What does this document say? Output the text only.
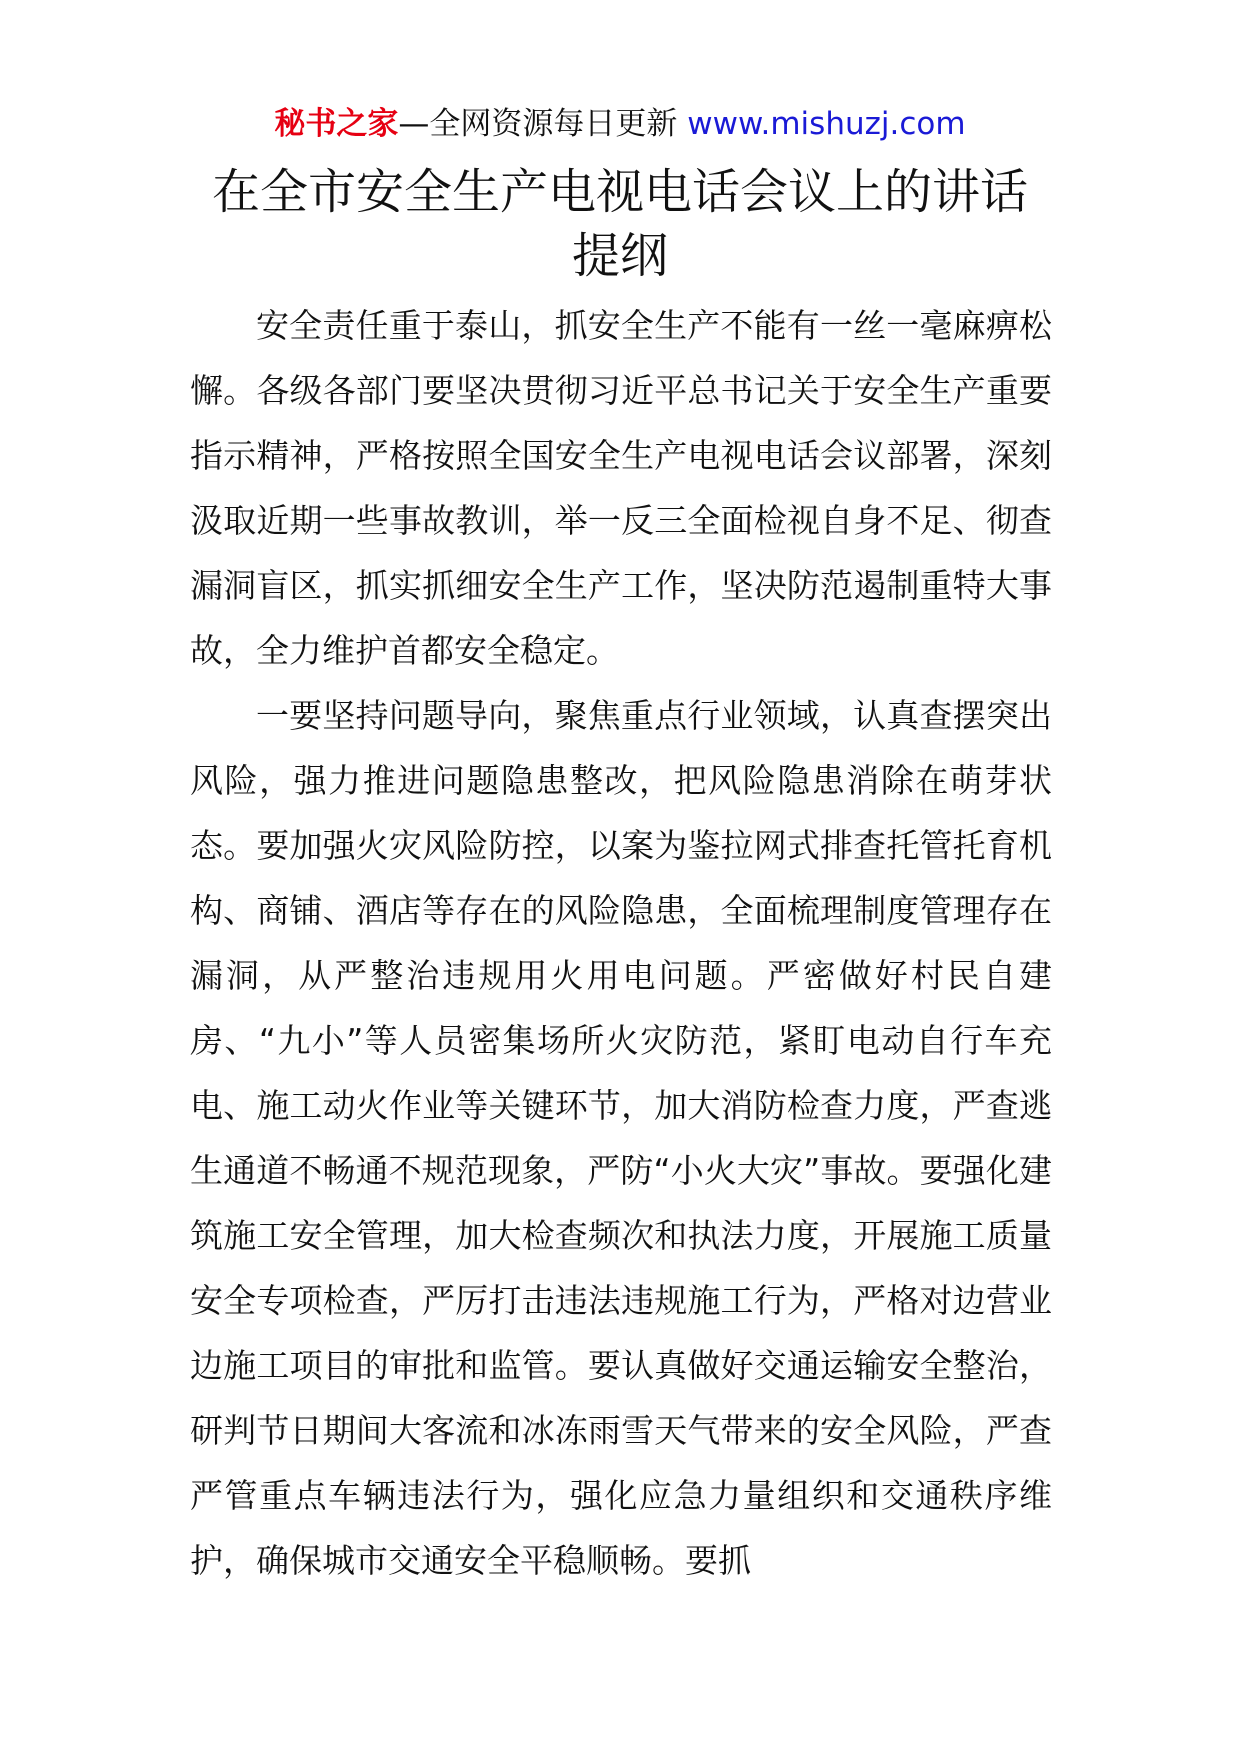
秘书之家—全网资源每日更新 www.mishuzj.com
在全市安全生产电视电话会议上的讲话提纲

安全责任重于泰山，抓安全生产不能有一丝一毫麻痹松懈。各级各部门要坚决贯彻习近平总书记关于安全生产重要指示精神，严格按照全国安全生产电视电话会议部署，深刻汲取近期一些事故教训，举一反三全面检视自身不足、彻查漏洞盲区，抓实抓细安全生产工作，坚决防范遏制重特大事故，全力维护首都安全稳定。

一要坚持问题导向，聚焦重点行业领域，认真查摆突出风险，强力推进问题隐患整改，把风险隐患消除在萌芽状态。要加强火灾风险防控，以案为鉴拉网式排查托管托育机构、商铺、酒店等存在的风险隐患，全面梳理制度管理存在漏洞，从严整治违规用火用电问题。严密做好村民自建房、“九小”等人员密集场所火灾防范，紧盯电动自行车充电、施工动火作业等关键环节，加大消防检查力度，严查逃生通道不畅通不规范现象，严防“小火大灾”事故。要强化建筑施工安全管理，加大检查频次和执法力度，开展施工质量安全专项检查，严厉打击违法违规施工行为，严格对边营业边施工项目的审批和监管。要认真做好交通运输安全整治，研判节日期间大客流和冰冻雨雪天气带来的安全风险，严查严管重点车辆违法行为，强化应急力量组织和交通秩序维护，确保城市交通安全平稳顺畅。要抓
